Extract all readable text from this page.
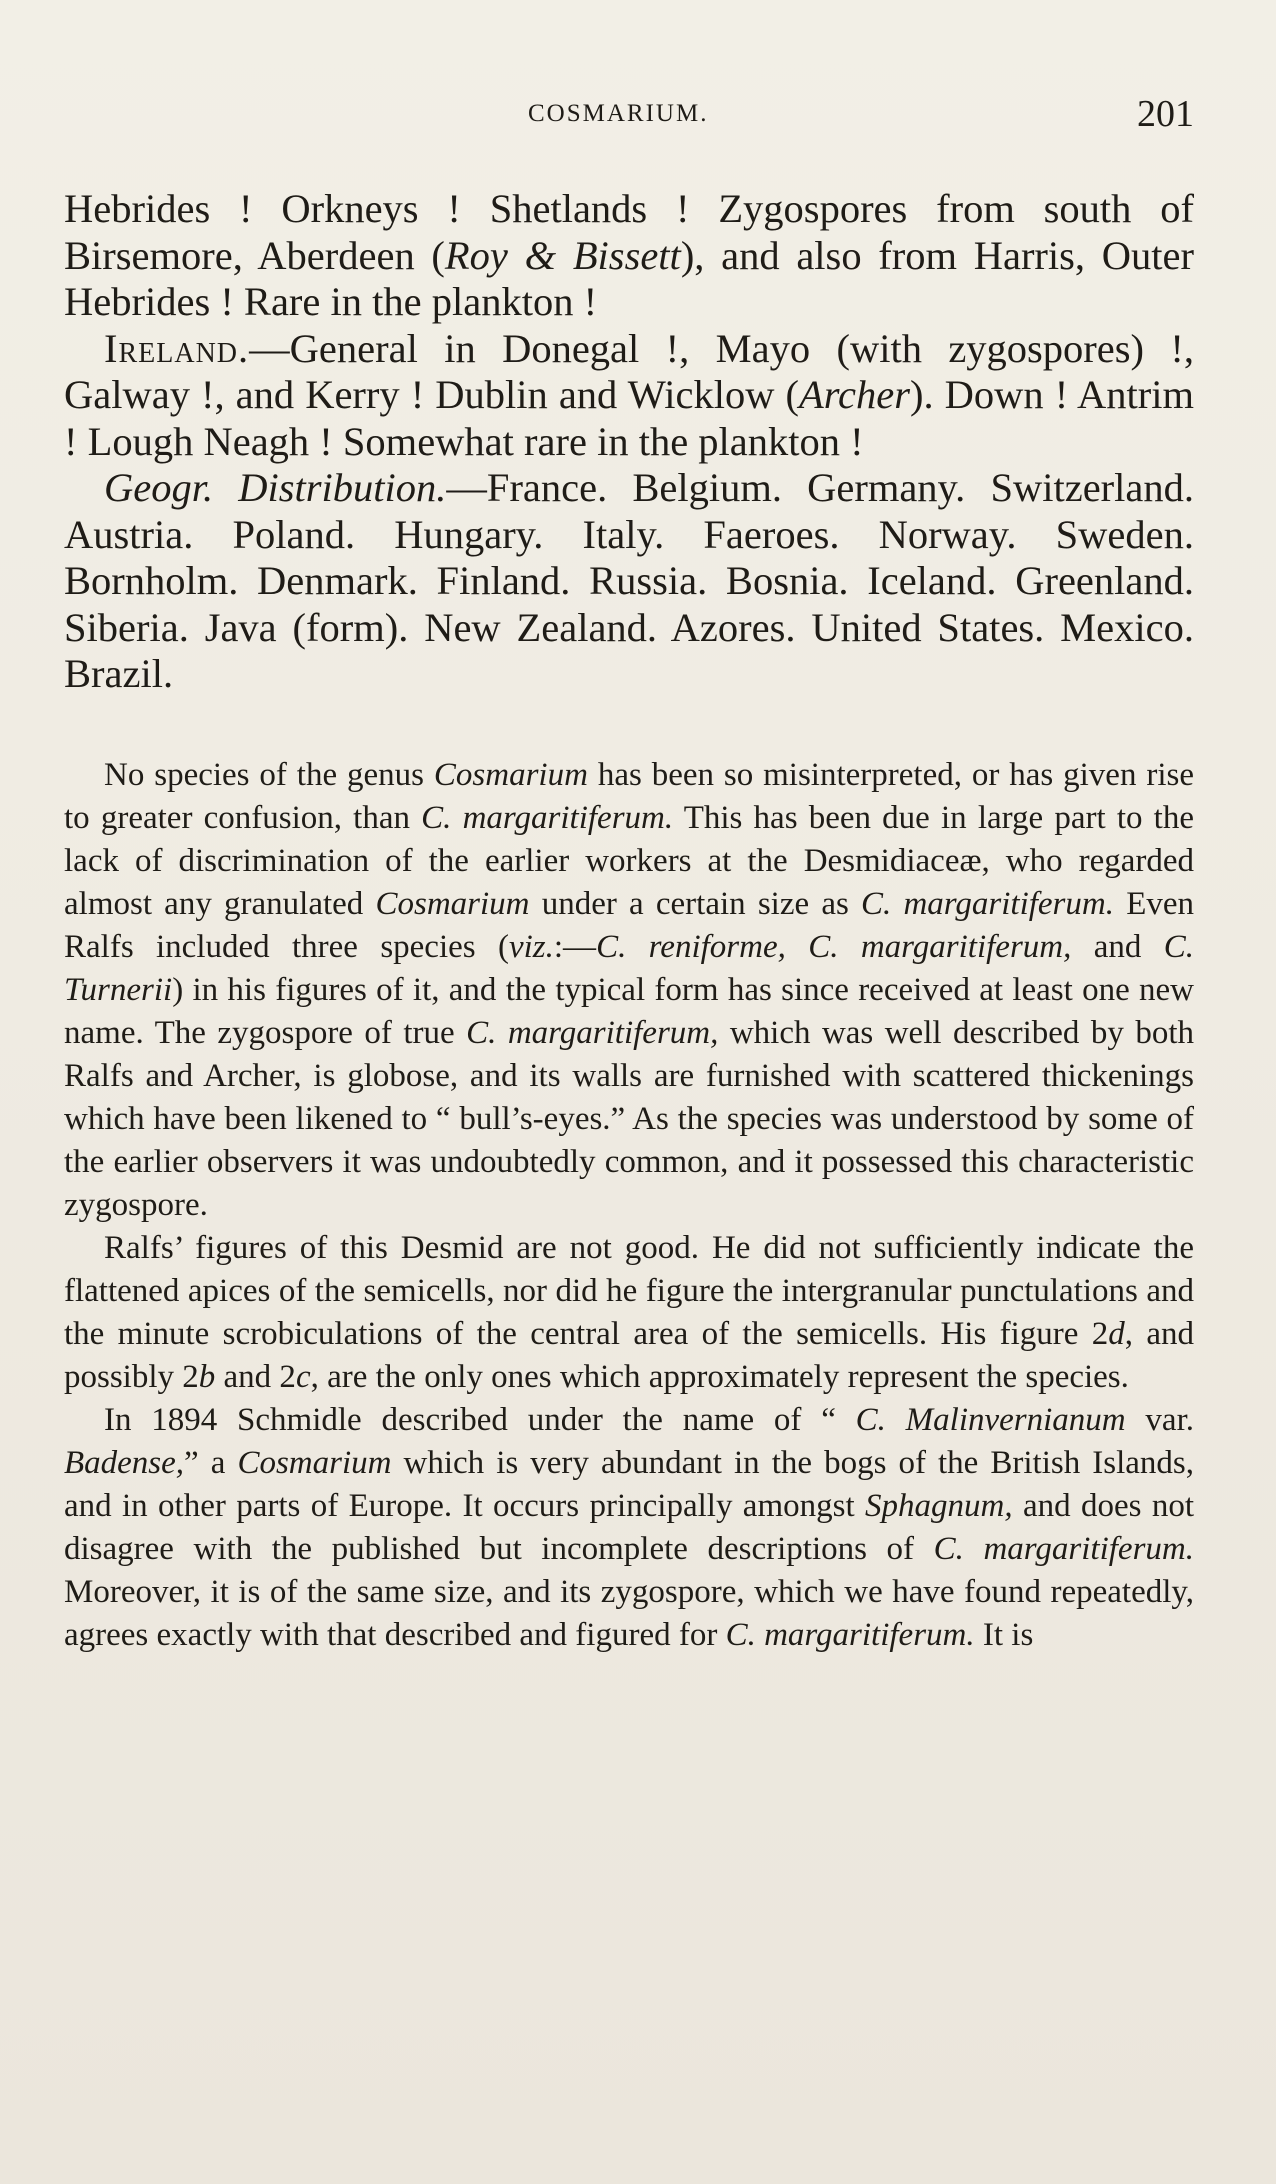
COSMARIUM.	201

Hebrides ! Orkneys ! Shetlands ! Zygospores from south of Birsemore, Aberdeen (Roy & Bissett), and also from Harris, Outer Hebrides ! Rare in the plankton !

Ireland.—General in Donegal !, Mayo (with zygospores) !, Galway !, and Kerry ! Dublin and Wicklow (Archer). Down ! Antrim ! Lough Neagh ! Somewhat rare in the plankton !

Geogr. Distribution.—France. Belgium. Germany. Switzerland. Austria. Poland. Hungary. Italy. Faeroes. Norway. Sweden. Bornholm. Denmark. Finland. Russia. Bosnia. Iceland. Greenland. Siberia. Java (form). New Zealand. Azores. United States. Mexico. Brazil.

No species of the genus Cosmarium has been so misinterpreted, or has given rise to greater confusion, than C. margaritiferum. This has been due in large part to the lack of discrimination of the earlier workers at the Desmidiaceæ, who regarded almost any granulated Cosmarium under a certain size as C. margaritiferum. Even Ralfs included three species (viz.:—C. reniforme, C. margaritiferum, and C. Turnerii) in his figures of it, and the typical form has since received at least one new name. The zygospore of true C. margaritiferum, which was well described by both Ralfs and Archer, is globose, and its walls are furnished with scattered thickenings which have been likened to “ bull’s-eyes.” As the species was understood by some of the earlier observers it was undoubtedly common, and it possessed this characteristic zygospore.

Ralfs’ figures of this Desmid are not good. He did not sufficiently indicate the flattened apices of the semicells, nor did he figure the intergranular punctulations and the minute scrobiculations of the central area of the semicells. His figure 2d, and possibly 2b and 2c, are the only ones which approximately represent the species.

In 1894 Schmidle described under the name of “ C. Malinvernianum var. Badense,” a Cosmarium which is very abundant in the bogs of the British Islands, and in other parts of Europe. It occurs principally amongst Sphagnum, and does not disagree with the published but incomplete descriptions of C. margaritiferum. Moreover, it is of the same size, and its zygospore, which we have found repeatedly, agrees exactly with that described and figured for C. margaritiferum. It is
